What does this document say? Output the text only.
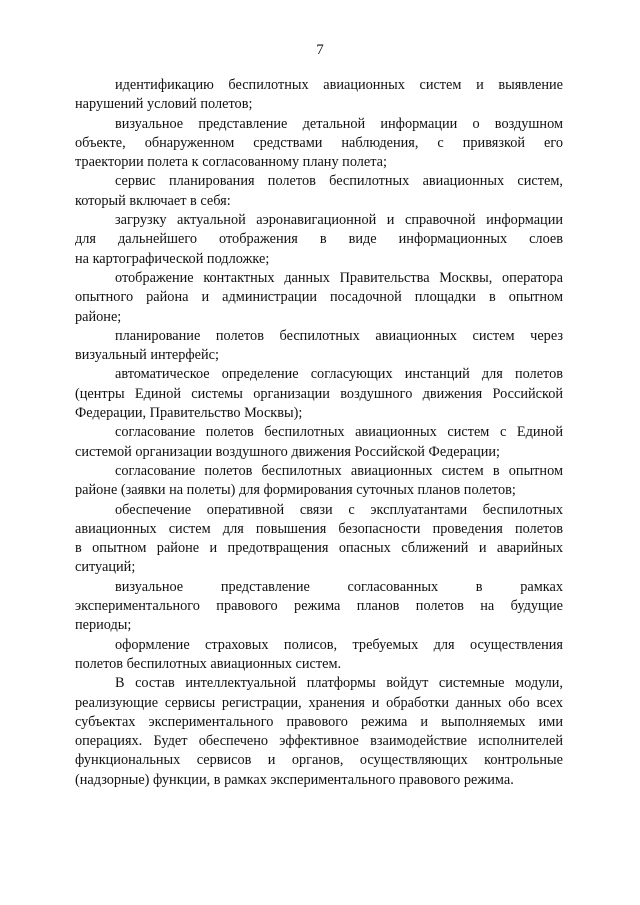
7
идентификацию беспилотных авиационных систем и выявление
нарушений условий полетов;
визуальное представление детальной информации о воздушном
объекте, обнаруженном средствами наблюдения, с привязкой его
траектории полета к согласованному плану полета;
сервис планирования полетов беспилотных авиационных систем,
который включает в себя:
загрузку актуальной аэронавигационной и справочной информации
для дальнейшего отображения в виде информационных слоев
на картографической подложке;
отображение контактных данных Правительства Москвы, оператора
опытного района и администрации посадочной площадки в опытном
районе;
планирование полетов беспилотных авиационных систем через
визуальный интерфейс;
автоматическое определение согласующих инстанций для полетов
(центры Единой системы организации воздушного движения Российской
Федерации, Правительство Москвы);
согласование полетов беспилотных авиационных систем с Единой
системой организации воздушного движения Российской Федерации;
согласование полетов беспилотных авиационных систем в опытном
районе (заявки на полеты) для формирования суточных планов полетов;
обеспечение оперативной связи с эксплуатантами беспилотных
авиационных систем для повышения безопасности проведения полетов
в опытном районе и предотвращения опасных сближений и аварийных
ситуаций;
визуальное представление согласованных в рамках
экспериментального правового режима планов полетов на будущие
периоды;
оформление страховых полисов, требуемых для осуществления
полетов беспилотных авиационных систем.
В состав интеллектуальной платформы войдут системные модули,
реализующие сервисы регистрации, хранения и обработки данных обо всех
субъектах экспериментального правового режима и выполняемых ими
операциях. Будет обеспечено эффективное взаимодействие исполнителей
функциональных сервисов и органов, осуществляющих контрольные
(надзорные) функции, в рамках экспериментального правового режима.
